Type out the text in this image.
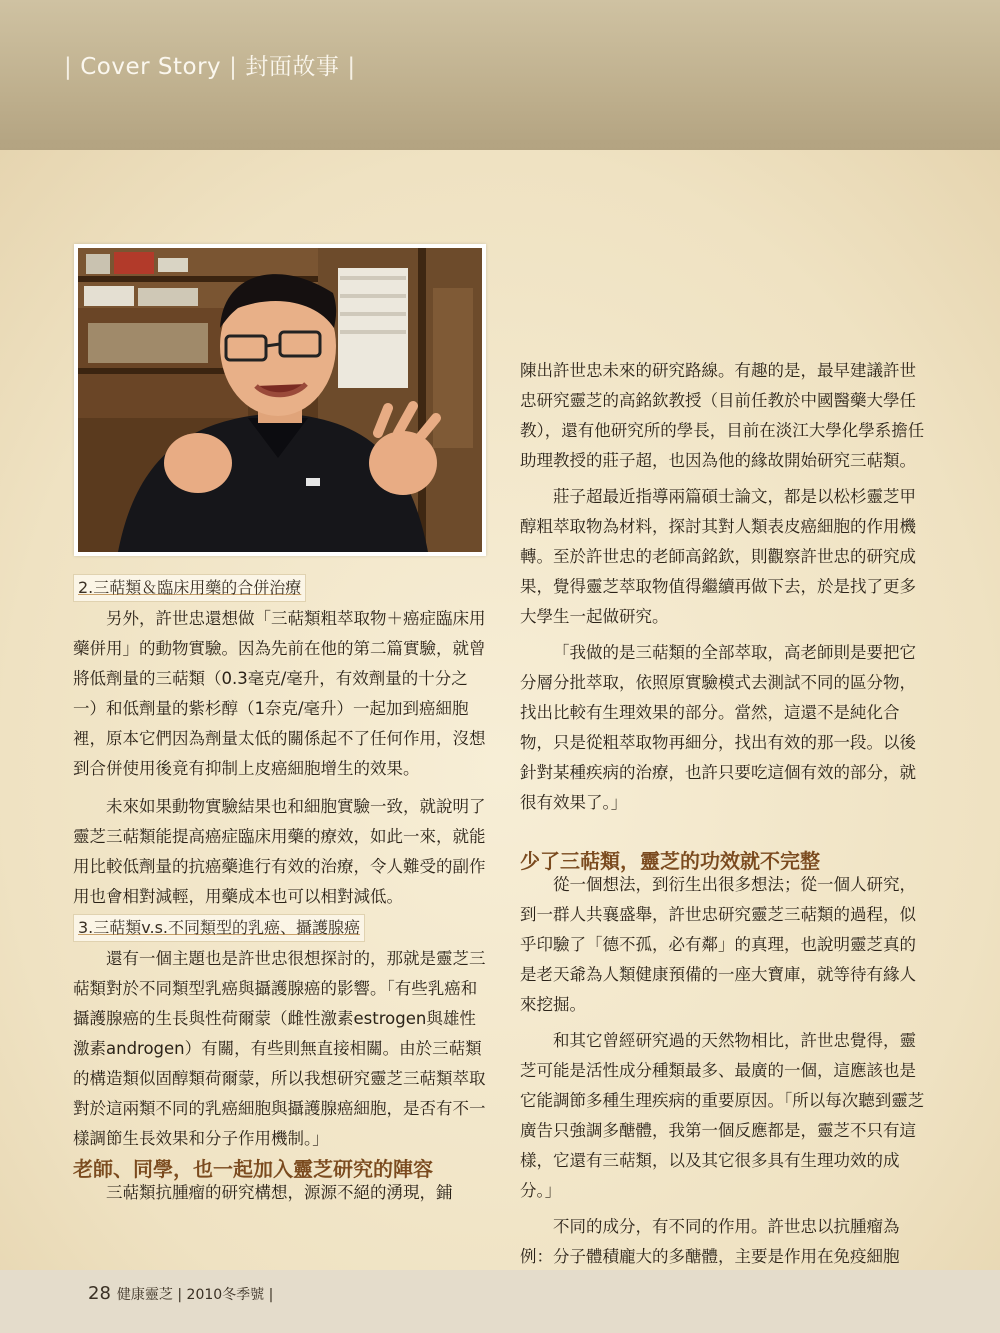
| Cover Story | 封面故事 |
2.三萜類＆臨床用藥的合併治療

另外，許世忠還想做「三萜類粗萃取物＋癌症臨床用藥併用」的動物實驗。因為先前在他的第二篇實驗，就曾將低劑量的三萜類（0.3毫克/毫升，有效劑量的十分之一）和低劑量的紫杉醇（1奈克/毫升）一起加到癌細胞裡，原本它們因為劑量太低的關係起不了任何作用，沒想到合併使用後竟有抑制上皮癌細胞增生的效果。

未來如果動物實驗結果也和細胞實驗一致，就說明了靈芝三萜類能提高癌症臨床用藥的療效，如此一來，就能用比較低劑量的抗癌藥進行有效的治療，令人難受的副作用也會相對減輕，用藥成本也可以相對減低。

3.三萜類v.s.不同類型的乳癌、攝護腺癌

還有一個主題也是許世忠很想探討的，那就是靈芝三萜類對於不同類型乳癌與攝護腺癌的影響。「有些乳癌和攝護腺癌的生長與性荷爾蒙（雌性激素estrogen與雄性激素androgen）有關，有些則無直接相關。由於三萜類的構造類似固醇類荷爾蒙，所以我想研究靈芝三萜類萃取對於這兩類不同的乳癌細胞與攝護腺癌細胞，是否有不一樣調節生長效果和分子作用機制。」

老師、同學，也一起加入靈芝研究的陣容

三萜類抗腫瘤的研究構想，源源不絕的湧現，鋪

陳出許世忠未來的研究路線。有趣的是，最早建議許世忠研究靈芝的高銘欽教授（目前任教於中國醫藥大學任教），還有他研究所的學長，目前在淡江大學化學系擔任助理教授的莊子超，也因為他的緣故開始研究三萜類。

莊子超最近指導兩篇碩士論文，都是以松杉靈芝甲醇粗萃取物為材料，探討其對人類表皮癌細胞的作用機轉。至於許世忠的老師高銘欽，則觀察許世忠的研究成果，覺得靈芝萃取物值得繼續再做下去，於是找了更多大學生一起做研究。

「我做的是三萜類的全部萃取，高老師則是要把它分層分批萃取，依照原實驗模式去測試不同的區分物，找出比較有生理效果的部分。當然，這還不是純化合物，只是從粗萃取物再細分，找出有效的那一段。以後針對某種疾病的治療，也許只要吃這個有效的部分，就很有效果了。」

少了三萜類，靈芝的功效就不完整

從一個想法，到衍生出很多想法；從一個人研究，到一群人共襄盛舉，許世忠研究靈芝三萜類的過程，似乎印驗了「德不孤，必有鄰」的真理，也說明靈芝真的是老天爺為人類健康預備的一座大寶庫，就等待有緣人來挖掘。

和其它曾經研究過的天然物相比，許世忠覺得，靈芝可能是活性成分種類最多、最廣的一個，這應該也是它能調節多種生理疾病的重要原因。「所以每次聽到靈芝廣告只強調多醣體，我第一個反應都是，靈芝不只有這樣，它還有三萜類，以及其它很多具有生理功效的成分。」

不同的成分，有不同的作用。許世忠以抗腫瘤為例：分子體積龐大的多醣體，主要是作用在免疫細胞

28 健康靈芝 | 2010冬季號 |
